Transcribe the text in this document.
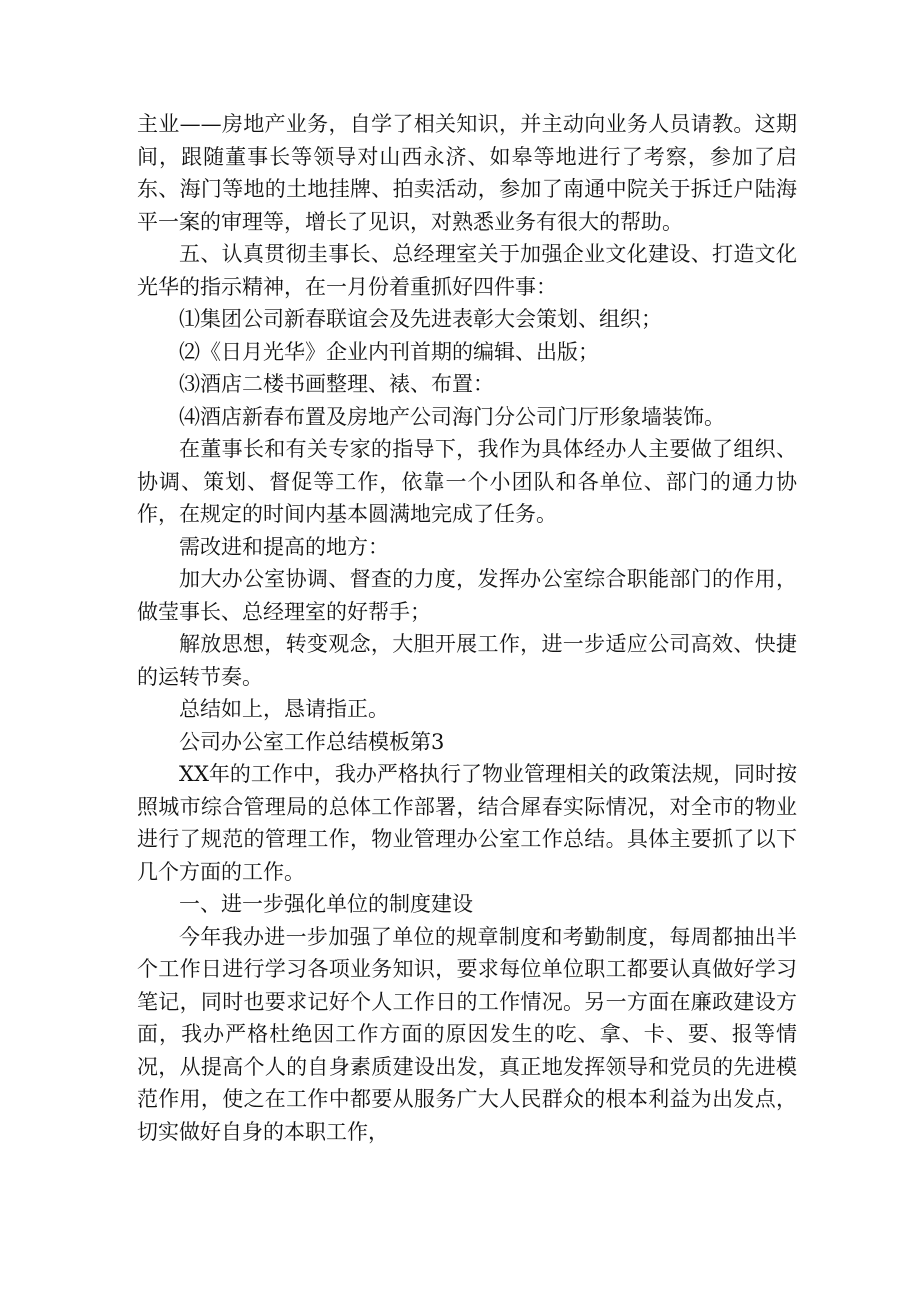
主业——房地产业务，自学了相关知识，并主动向业务人员请教。这期间，跟随董事长等领导对山西永济、如皋等地进行了考察，参加了启东、海门等地的土地挂牌、拍卖活动，参加了南通中院关于拆迁户陆海平一案的审理等，增长了见识，对熟悉业务有很大的帮助。

五、认真贯彻圭事长、总经理室关于加强企业文化建设、打造文化光华的指示精神，在一月份着重抓好四件事：

⑴集团公司新春联谊会及先进表彰大会策划、组织；

⑵《日月光华》企业内刊首期的编辑、出版；

⑶酒店二楼书画整理、裱、布置：

⑷酒店新春布置及房地产公司海门分公司门厅形象墙装饰。

在董事长和有关专家的指导下，我作为具体经办人主要做了组织、协调、策划、督促等工作，依靠一个小团队和各单位、部门的通力协作，在规定的时间内基本圆满地完成了任务。

需改进和提高的地方：

加大办公室协调、督查的力度，发挥办公室综合职能部门的作用，做莹事长、总经理室的好帮手；

解放思想，转变观念，大胆开展工作，进一步适应公司高效、快捷的运转节奏。

总结如上，恳请指正。

公司办公室工作总结模板第3

XX年的工作中，我办严格执行了物业管理相关的政策法规，同时按照城市综合管理局的总体工作部署，结合犀春实际情况，对全市的物业进行了规范的管理工作，物业管理办公室工作总结。具体主要抓了以下几个方面的工作。

一、进一步强化单位的制度建设

今年我办进一步加强了单位的规章制度和考勤制度，每周都抽出半个工作日进行学习各项业务知识，要求每位单位职工都要认真做好学习笔记，同时也要求记好个人工作日的工作情况。另一方面在廉政建设方面，我办严格杜绝因工作方面的原因发生的吃、拿、卡、要、报等情况，从提高个人的自身素质建设出发，真正地发挥领导和党员的先进模范作用，使之在工作中都要从服务广大人民群众的根本利益为出发点，切实做好自身的本职工作，
